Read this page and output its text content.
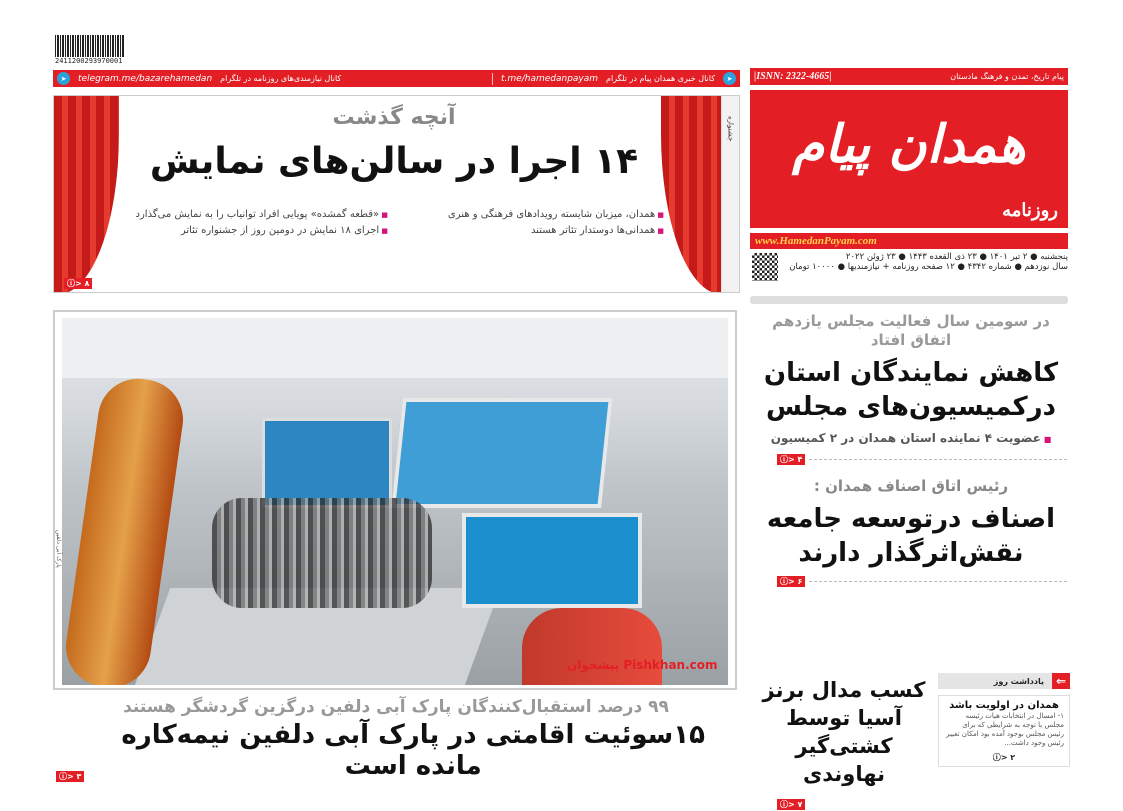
2411200293970001
➤
کانال خبری همدان پیام در تلگرام
t.me/hamedanpayam
کانال نیازمندی‌های روزنامه در تلگرام
telegram.me/bazarehamedan
➤
جشنواره
آنچه گذشت
۱۴ اجرا در سالن‌های نمایش
■ همدان، میزبان شایسته رویدادهای فرهنگی و هنری
■ همدانی‌ها دوستدار تئاتر هستند
■ «قطعه گمشده» پویایی افراد توانیاب را به نمایش می‌گذارد
■ اجرای ۱۸ نمایش در دومین روز از جشنواره تئاتر
۸ <ⓘ
|ISNN: 2322-4665|	پیام تاریخ، تمدن و فرهنگ مادستان
همدان پیام
روزنامه
www.HamedanPayam.com
پنجشنبه ● ۲ تیر ۱۴۰۱ ● ۲۳ ذی القعده ۱۴۴۳ ● ۲۳ ژوئن ۲۰۲۲
سال نوزدهم ● شماره ۴۳۴۲ ● ۱۲ صفحه روزنامه + نیازمندیها ● ۱۰۰۰۰ تومان
در سومین سال فعالیت مجلس یازدهم اتفاق افتاد
کاهش نمایندگان استان درکمیسیون‌های مجلس
■ عضویت ۴ نماینده استان همدان در ۲ کمیسیون
۴ <ⓘ
رئیس اتاق اصناف همدان :
اصناف درتوسعه جامعه نقش‌اثرگذار دارند
۶ <ⓘ
کسب مدال برنز آسیا توسط کشتی‌گیر نهاوندی
۷ <ⓘ
⇐
یادداشت روز
همدان در اولویت باشد
۱- امسال در انتخابات هیات رئیسه مجلس با توجه به شرایطی که برای رئیس مجلس بوجود آمده بود امکان تغییر رئیس وجود داشت...
۲ <ⓘ
پیشخوان Pishkhan.com
پارک آبی دلفین
۹۹ درصد استقبال‌کنندگان پارک آبی دلفین درگزین گردشگر هستند
۳ <ⓘ
۱۵سوئیت اقامتی در پارک آبی دلفین نیمه‌کاره مانده است
